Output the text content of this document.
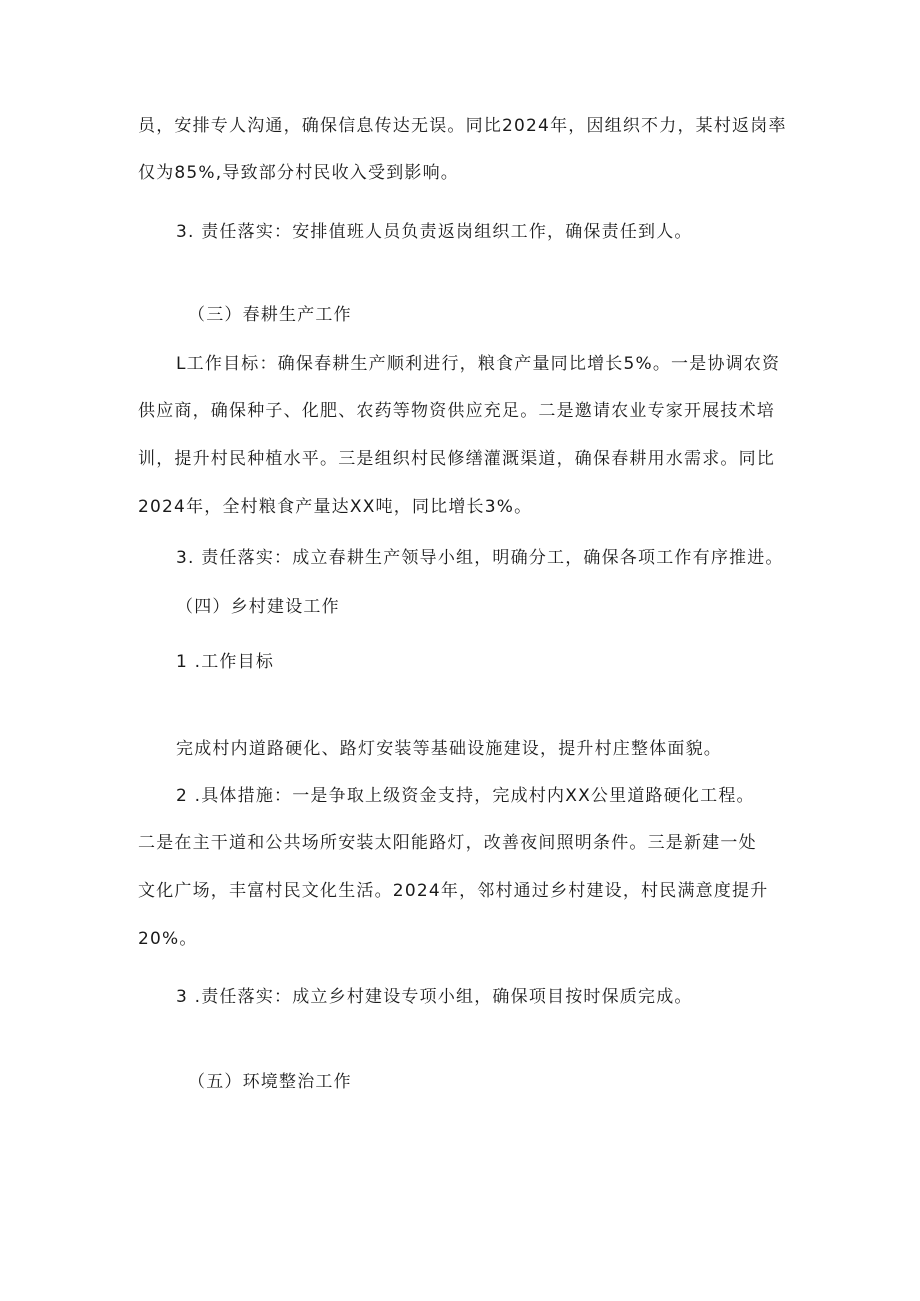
员，安排专人沟通，确保信息传达无误。同比2024年，因组织不力，某村返岗率
仅为85%,导致部分村民收入受到影响。
3. 责任落实：安排值班人员负责返岗组织工作，确保责任到人。
（三）春耕生产工作
L工作目标：确保春耕生产顺利进行，粮食产量同比增长5%。一是协调农资
供应商，确保种子、化肥、农药等物资供应充足。二是邀请农业专家开展技术培
训，提升村民种植水平。三是组织村民修缮灌溉渠道，确保春耕用水需求。同比
2024年，全村粮食产量达XX吨，同比增长3%。
3. 责任落实：成立春耕生产领导小组，明确分工，确保各项工作有序推进。
（四）乡村建设工作
1 .工作目标
完成村内道路硬化、路灯安装等基础设施建设，提升村庄整体面貌。
2 .具体措施：一是争取上级资金支持，完成村内XX公里道路硬化工程。
二是在主干道和公共场所安装太阳能路灯，改善夜间照明条件。三是新建一处
文化广场，丰富村民文化生活。2024年，邻村通过乡村建设，村民满意度提升
20%。
3 .责任落实：成立乡村建设专项小组，确保项目按时保质完成。
（五）环境整治工作
